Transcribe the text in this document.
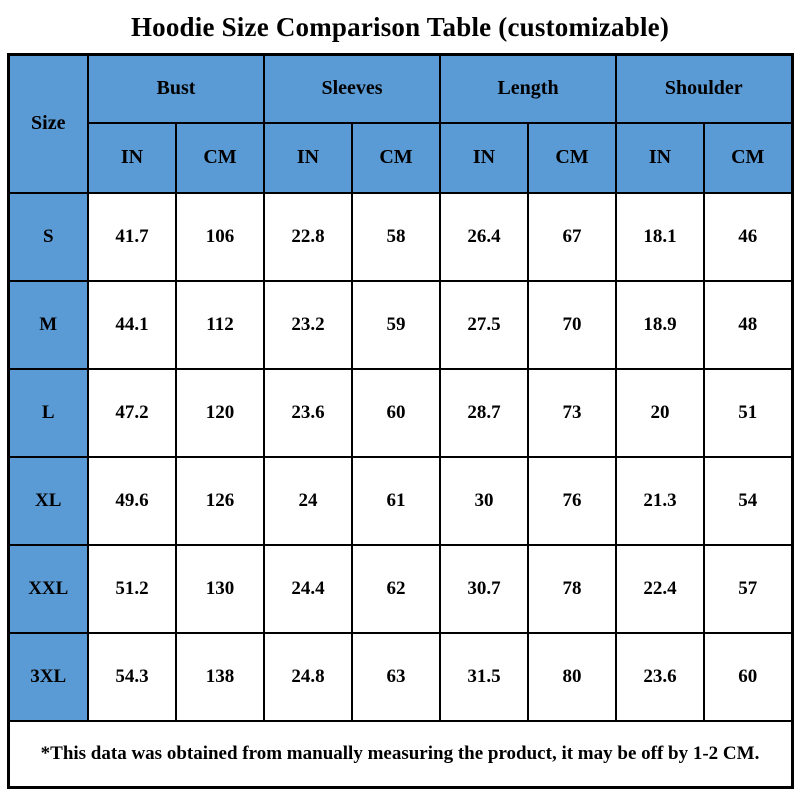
Hoodie Size Comparison Table (customizable)
Size	Bust		Sleeves		Length		Shoulder	
	IN	CM	IN	CM	IN	CM	IN	CM
S	41.7	106	22.8	58	26.4	67	18.1	46
M	44.1	112	23.2	59	27.5	70	18.9	48
L	47.2	120	23.6	60	28.7	73	20	51
XL	49.6	126	24	61	30	76	21.3	54
XXL	51.2	130	24.4	62	30.7	78	22.4	57
3XL	54.3	138	24.8	63	31.5	80	23.6	60
*This data was obtained from manually measuring the product, it may be off by 1-2 CM.								
